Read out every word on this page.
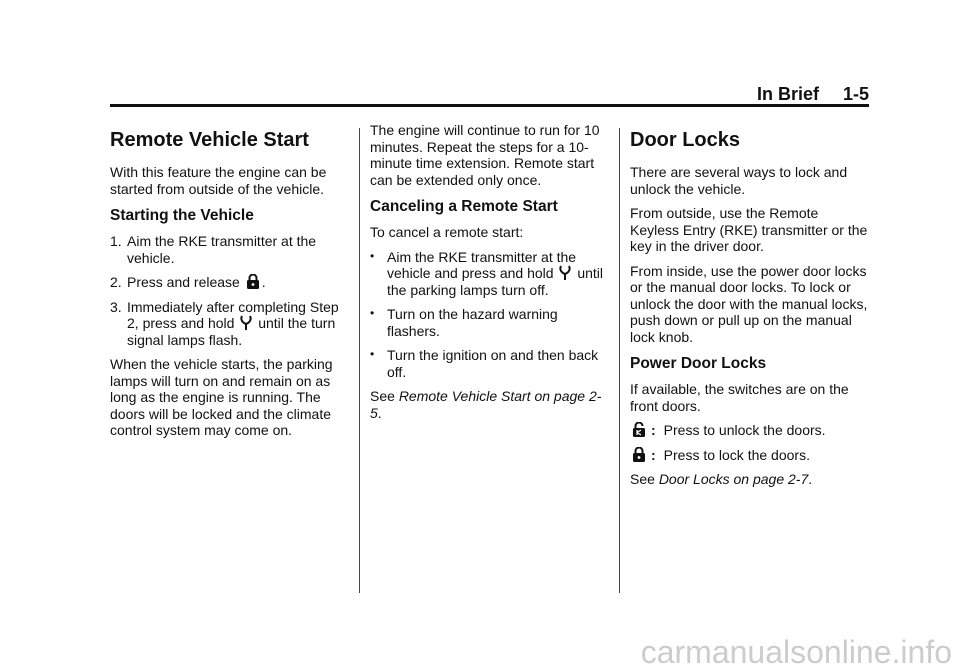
In Brief 1-5
Remote Vehicle Start

With this feature the engine can be started from outside of the vehicle.

Starting the Vehicle
1. Aim the RKE transmitter at the vehicle.
2. Press and release .
3. Immediately after completing Step 2, press and hold until the turn signal lamps flash.

When the vehicle starts, the parking lamps will turn on and remain on as long as the engine is running. The doors will be locked and the climate control system may come on.

The engine will continue to run for 10 minutes. Repeat the steps for a 10-minute time extension. Remote start can be extended only once.

Canceling a Remote Start

To cancel a remote start:

• Aim the RKE transmitter at the vehicle and press and hold until the parking lamps turn off.
• Turn on the hazard warning flashers.
• Turn the ignition on and then back off.

See Remote Vehicle Start on page 2-5.

Door Locks

There are several ways to lock and unlock the vehicle.

From outside, use the Remote Keyless Entry (RKE) transmitter or the key in the driver door.

From inside, use the power door locks or the manual door locks. To lock or unlock the door with the manual locks, push down or pull up on the manual lock knob.

Power Door Locks

If available, the switches are on the front doors.

: Press to unlock the doors.
: Press to lock the doors.

See Door Locks on page 2-7.

carmanualsonline.info
